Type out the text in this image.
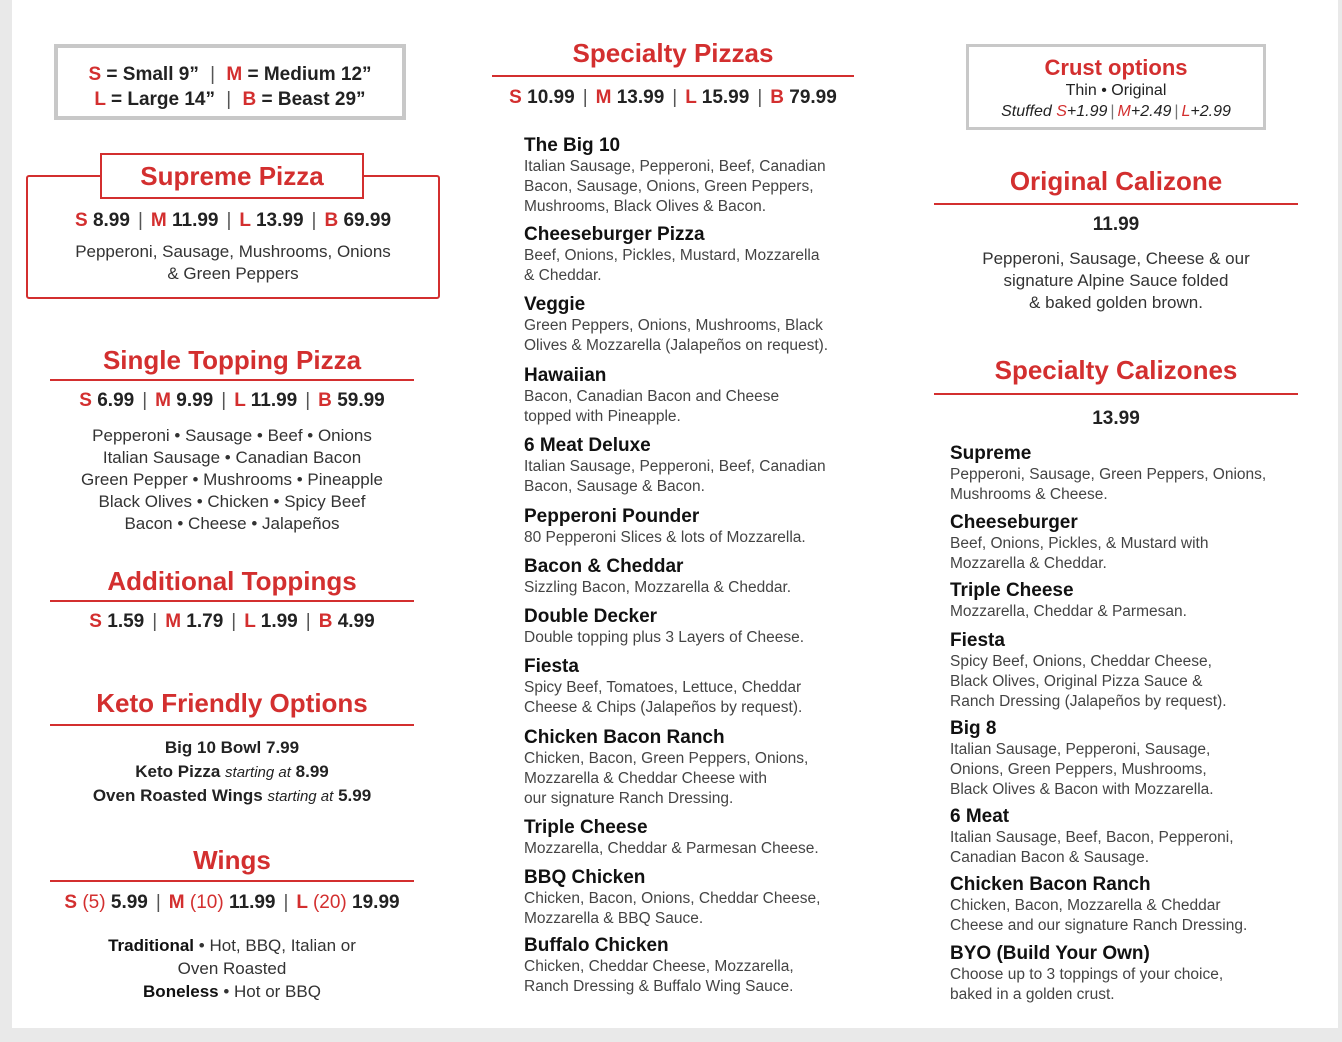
S = Small 9” | M = Medium 12”
L = Large 14” | B = Beast 29”
Supreme Pizza
S 8.99 | M 11.99 | L 13.99 | B 69.99
Pepperoni, Sausage, Mushrooms, Onions
& Green Peppers
Single Topping Pizza
S 6.99 | M 9.99 | L 11.99 | B 59.99
Pepperoni • Sausage • Beef • Onions
Italian Sausage • Canadian Bacon
Green Pepper • Mushrooms • Pineapple
Black Olives • Chicken • Spicy Beef
Bacon • Cheese • Jalapeños
Additional Toppings
S 1.59 | M 1.79 | L 1.99 | B 4.99
Keto Friendly Options
Big 10 Bowl 7.99
Keto Pizza starting at 8.99
Oven Roasted Wings starting at 5.99
Wings
S (5) 5.99 | M (10) 11.99 | L (20) 19.99
Traditional • Hot, BBQ, Italian or
Oven Roasted
Boneless • Hot or BBQ
Specialty Pizzas
S 10.99 | M 13.99 | L 15.99 | B 79.99
The Big 10
Italian Sausage, Pepperoni, Beef, Canadian
Bacon, Sausage, Onions, Green Peppers,
Mushrooms, Black Olives & Bacon.
Cheeseburger Pizza
Beef, Onions, Pickles, Mustard, Mozzarella
& Cheddar.
Veggie
Green Peppers, Onions, Mushrooms, Black
Olives & Mozzarella (Jalapeños on request).
Hawaiian
Bacon, Canadian Bacon and Cheese
topped with Pineapple.
6 Meat Deluxe
Italian Sausage, Pepperoni, Beef, Canadian
Bacon, Sausage & Bacon.
Pepperoni Pounder
80 Pepperoni Slices & lots of Mozzarella.
Bacon & Cheddar
Sizzling Bacon, Mozzarella & Cheddar.
Double Decker
Double topping plus 3 Layers of Cheese.
Fiesta
Spicy Beef, Tomatoes, Lettuce, Cheddar
Cheese & Chips (Jalapeños by request).
Chicken Bacon Ranch
Chicken, Bacon, Green Peppers, Onions,
Mozzarella & Cheddar Cheese with
our signature Ranch Dressing.
Triple Cheese
Mozzarella, Cheddar & Parmesan Cheese.
BBQ Chicken
Chicken, Bacon, Onions, Cheddar Cheese,
Mozzarella & BBQ Sauce.
Buffalo Chicken
Chicken, Cheddar Cheese, Mozzarella,
Ranch Dressing & Buffalo Wing Sauce.
Crust options
Thin • Original
Stuffed S+1.99 | M+2.49 | L+2.99
Original Calizone
11.99
Pepperoni, Sausage, Cheese & our
signature Alpine Sauce folded
& baked golden brown.
Specialty Calizones
13.99
Supreme
Pepperoni, Sausage, Green Peppers, Onions,
Mushrooms & Cheese.
Cheeseburger
Beef, Onions, Pickles, & Mustard with
Mozzarella & Cheddar.
Triple Cheese
Mozzarella, Cheddar & Parmesan.
Fiesta
Spicy Beef, Onions, Cheddar Cheese,
Black Olives, Original Pizza Sauce &
Ranch Dressing (Jalapeños by request).
Big 8
Italian Sausage, Pepperoni, Sausage,
Onions, Green Peppers, Mushrooms,
Black Olives & Bacon with Mozzarella.
6 Meat
Italian Sausage, Beef, Bacon, Pepperoni,
Canadian Bacon & Sausage.
Chicken Bacon Ranch
Chicken, Bacon, Mozzarella & Cheddar
Cheese and our signature Ranch Dressing.
BYO (Build Your Own)
Choose up to 3 toppings of your choice,
baked in a golden crust.
